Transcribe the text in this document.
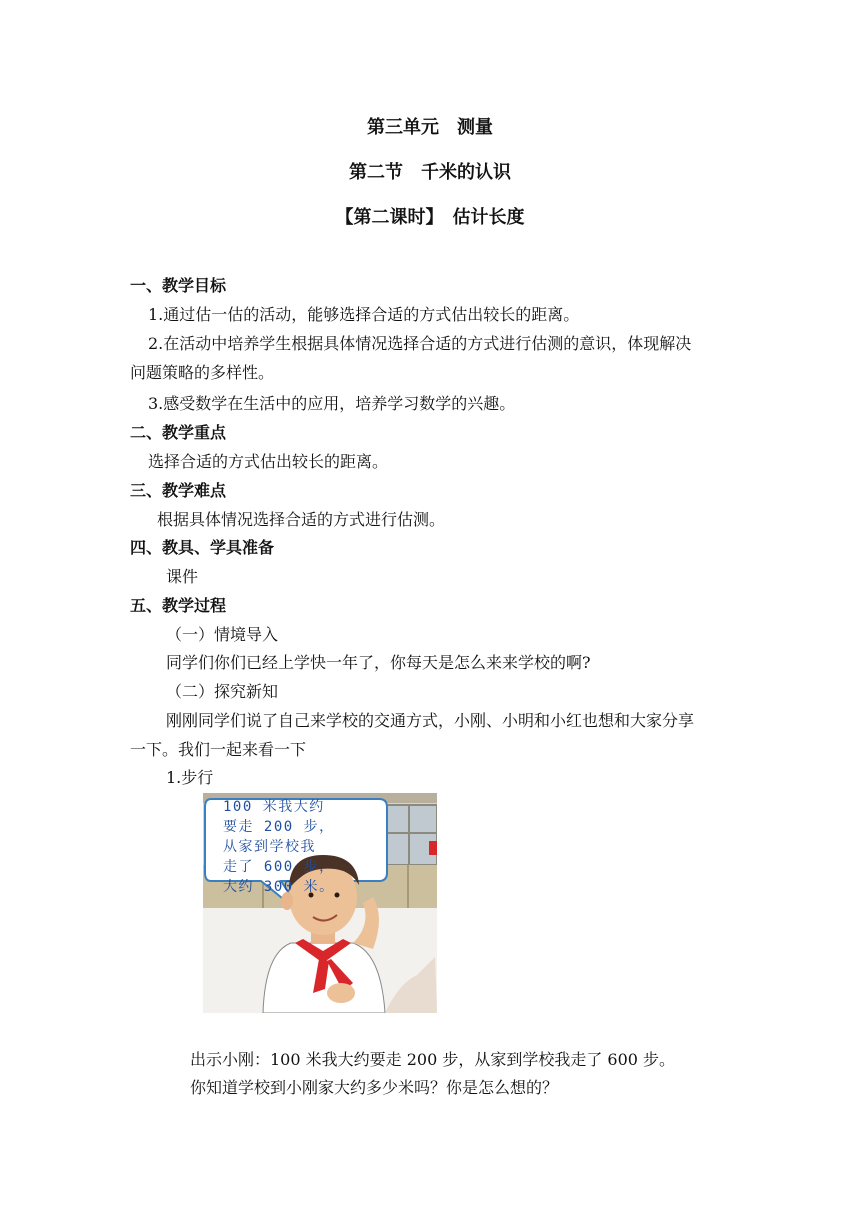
第三单元　测量
第二节　千米的认识
【第二课时】　估计长度
一、教学目标
1.通过估一估的活动，能够选择合适的方式估出较长的距离。
2.在活动中培养学生根据具体情况选择合适的方式进行估测的意识，体现解决
问题策略的多样性。
3.感受数学在生活中的应用，培养学习数学的兴趣。
二、教学重点
选择合适的方式估出较长的距离。
三、教学难点
根据具体情况选择合适的方式进行估测。
四、教具、学具准备
课件
五、教学过程
（一）情境导入
同学们你们已经上学快一年了，你每天是怎么来来学校的啊?
（二）探究新知
刚刚同学们说了自己来学校的交通方式，小刚、小明和小红也想和大家分享
一下。我们一起来看一下
1.步行
100 米我大约
要走 200 步，
从家到学校我
走了 600 步，
大约 300 米。
出示小刚：100 米我大约要走 200 步，从家到学校我走了 600 步。
你知道学校到小刚家大约多少米吗？你是怎么想的？
